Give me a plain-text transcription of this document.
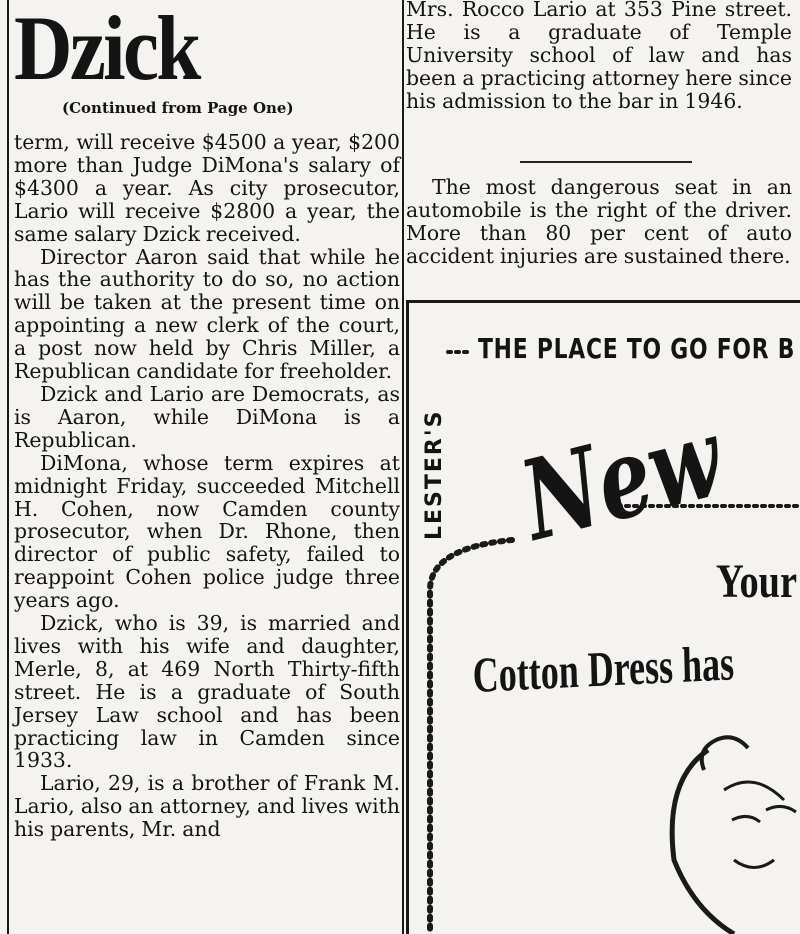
Dzick
(Continued from Page One)

term, will receive $4500 a year, $200 more than Judge DiMona's salary of $4300 a year. As city prosecutor, Lario will receive $2800 a year, the same salary Dzick received.

Director Aaron said that while he has the authority to do so, no action will be taken at the present time on appointing a new clerk of the court, a post now held by Chris Miller, a Republican candidate for freeholder.

Dzick and Lario are Democrats, as is Aaron, while DiMona is a Republican.

DiMona, whose term expires at midnight Friday, succeeded Mitchell H. Cohen, now Camden county prosecutor, when Dr. Rhone, then director of public safety, failed to reappoint Cohen police judge three years ago.

Dzick, who is 39, is married and lives with his wife and daughter, Merle, 8, at 469 North Thirty-fifth street. He is a graduate of South Jersey Law school and has been practicing law in Camden since 1933.

Lario, 29, is a brother of Frank M. Lario, also an attorney, and lives with his parents, Mr. and

Mrs. Rocco Lario at 353 Pine street. He is a graduate of Temple University school of law and has been a practicing attorney here since his admission to the bar in 1946.

The most dangerous seat in an automobile is the right of the driver. More than 80 per cent of auto accident injuries are sustained there.

THE PLACE TO GO FOR B
LESTER'S New
Your
Cotton Dress has
